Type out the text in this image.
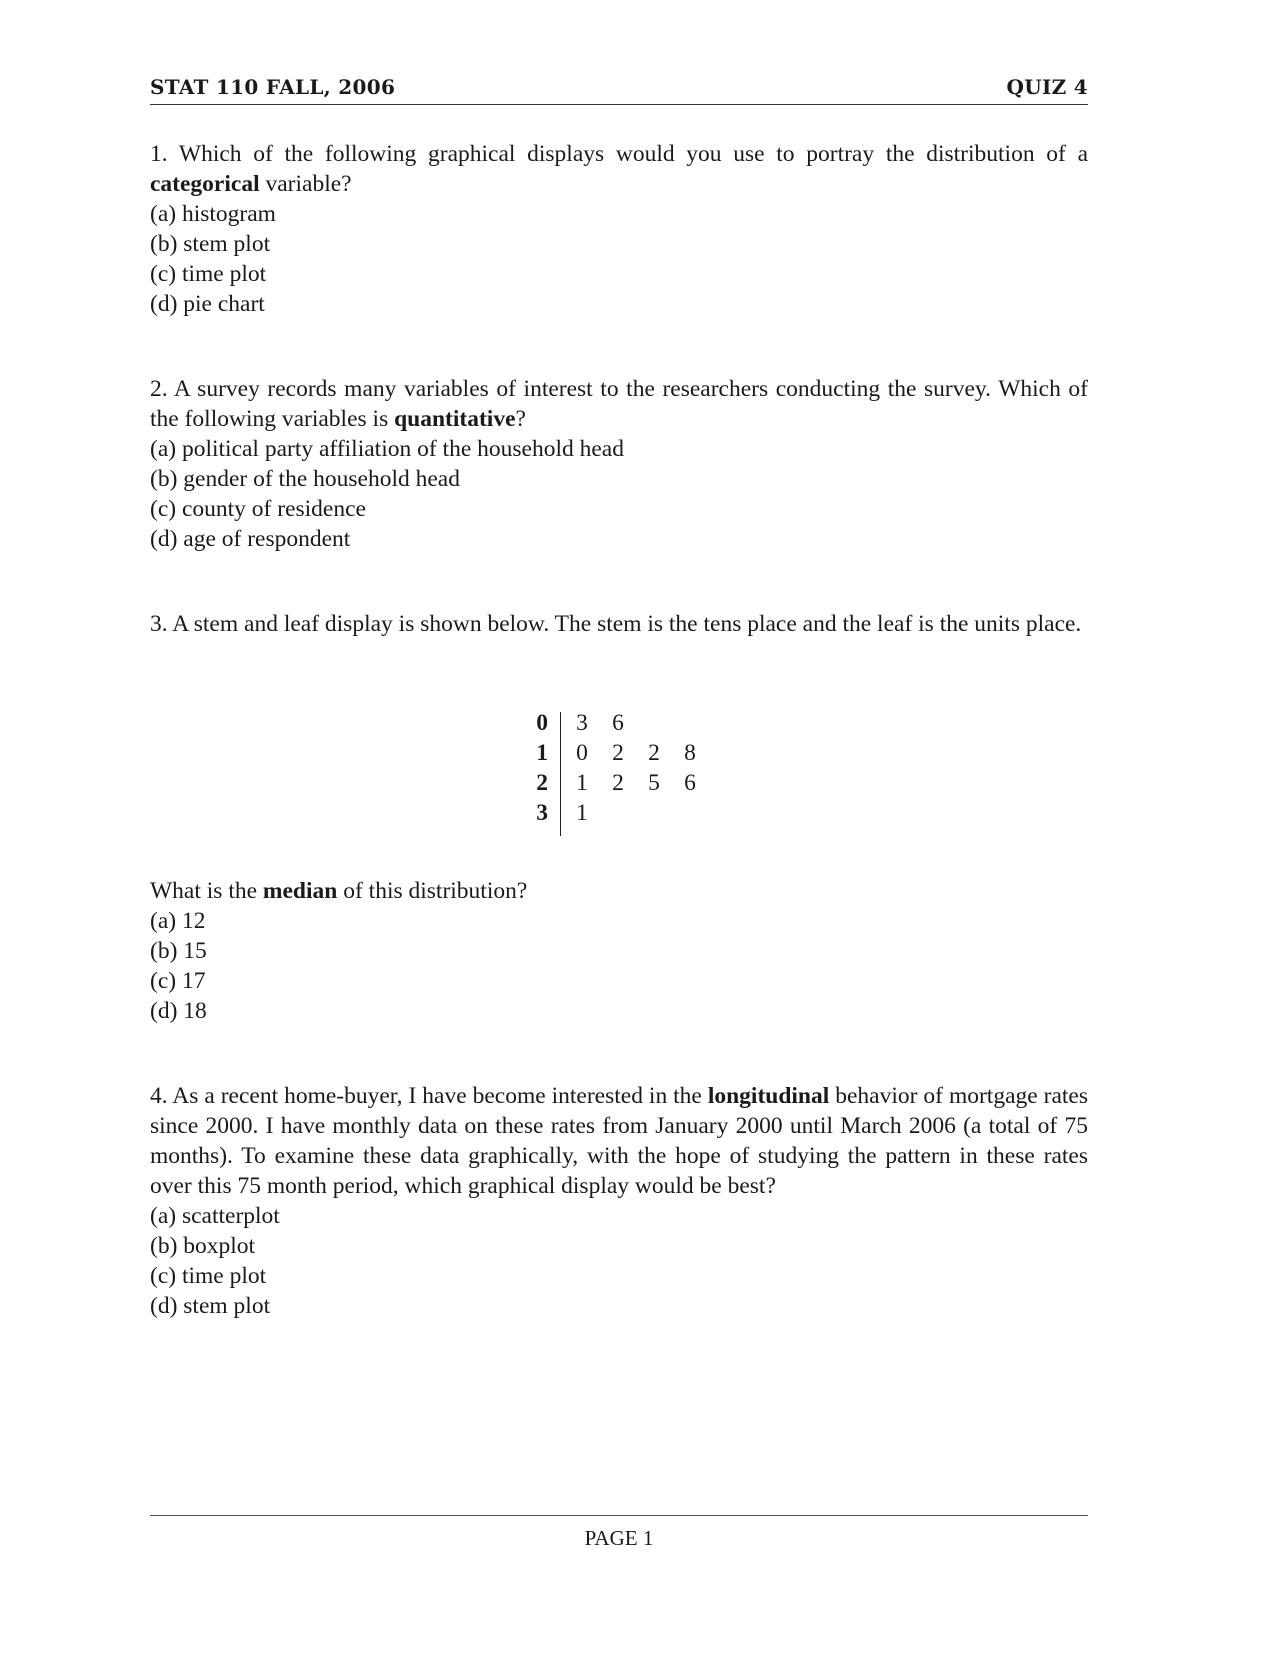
STAT 110 FALL, 2006	QUIZ 4

1. Which of the following graphical displays would you use to portray the distribution of a categorical variable?

(a) histogram
(b) stem plot
(c) time plot
(d) pie chart

2. A survey records many variables of interest to the researchers conducting the survey. Which of the following variables is quantitative?

(a) political party affiliation of the household head
(b) gender of the household head
(c) county of residence
(d) age of respondent

3. A stem and leaf display is shown below. The stem is the tens place and the leaf is the units place.

0 3 6
1 0 2 2 8
2 1 2 5 6
3 1

What is the median of this distribution?

(a) 12
(b) 15
(c) 17
(d) 18

4. As a recent home-buyer, I have become interested in the longitudinal behavior of mortgage rates since 2000. I have monthly data on these rates from January 2000 until March 2006 (a total of 75 months). To examine these data graphically, with the hope of studying the pattern in these rates over this 75 month period, which graphical display would be best?

(a) scatterplot
(b) boxplot
(c) time plot
(d) stem plot
PAGE 1
